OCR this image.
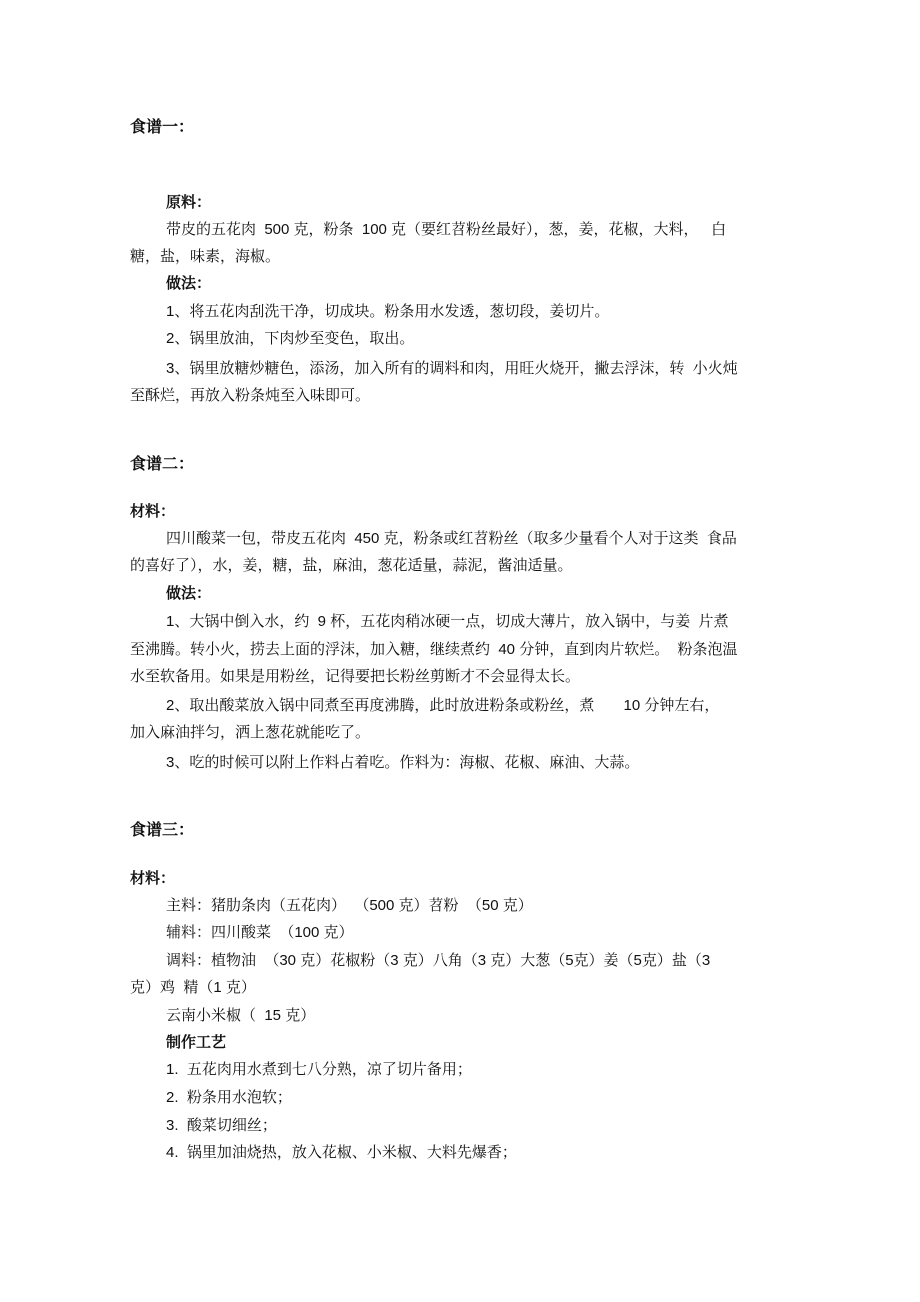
食谱一：
原料：
带皮的五花肉  500 克，粉条  100 克（要红苕粉丝最好），葱，姜，花椒，大料，   白
糖，盐，味素，海椒。
做法：
1、将五花肉刮洗干净，切成块。粉条用水发透，葱切段，姜切片。
2、锅里放油，下肉炒至变色，取出。
3、锅里放糖炒糖色，添汤，加入所有的调料和肉，用旺火烧开，撇去浮沫，转  小火炖
至酥烂，再放入粉条炖至入味即可。
食谱二：
材料：
四川酸菜一包，带皮五花肉  450 克，粉条或红苕粉丝（取多少量看个人对于这类  食品
的喜好了），水，姜，糖，盐，麻油，葱花适量，蒜泥，酱油适量。
做法：
1、大锅中倒入水，约  9 杯，五花肉稍冰硬一点，切成大薄片，放入锅中，与姜  片煮
至沸腾。转小火，捞去上面的浮沫，加入糖，继续煮约  40 分钟，直到肉片软烂。  粉条泡温
水至软备用。如果是用粉丝，记得要把长粉丝剪断才不会显得太长。
2、取出酸菜放入锅中同煮至再度沸腾，此时放进粉条或粉丝，煮       10 分钟左右，
加入麻油拌匀，洒上葱花就能吃了。
3、吃的时候可以附上作料占着吃。作料为：海椒、花椒、麻油、大蒜。
食谱三：
材料：
主料：猪肋条肉（五花肉）  （500 克）苕粉  （50 克）
辅料：四川酸菜  （100 克）
调料：植物油  （30 克）花椒粉（3 克）八角（3 克）大葱（5克）姜（5克）盐（3
克）鸡  精（1 克）
云南小米椒（  15 克）
制作工艺
1.  五花肉用水煮到七八分熟，凉了切片备用；
2.  粉条用水泡软；
3.  酸菜切细丝；
4.  锅里加油烧热，放入花椒、小米椒、大料先爆香；
